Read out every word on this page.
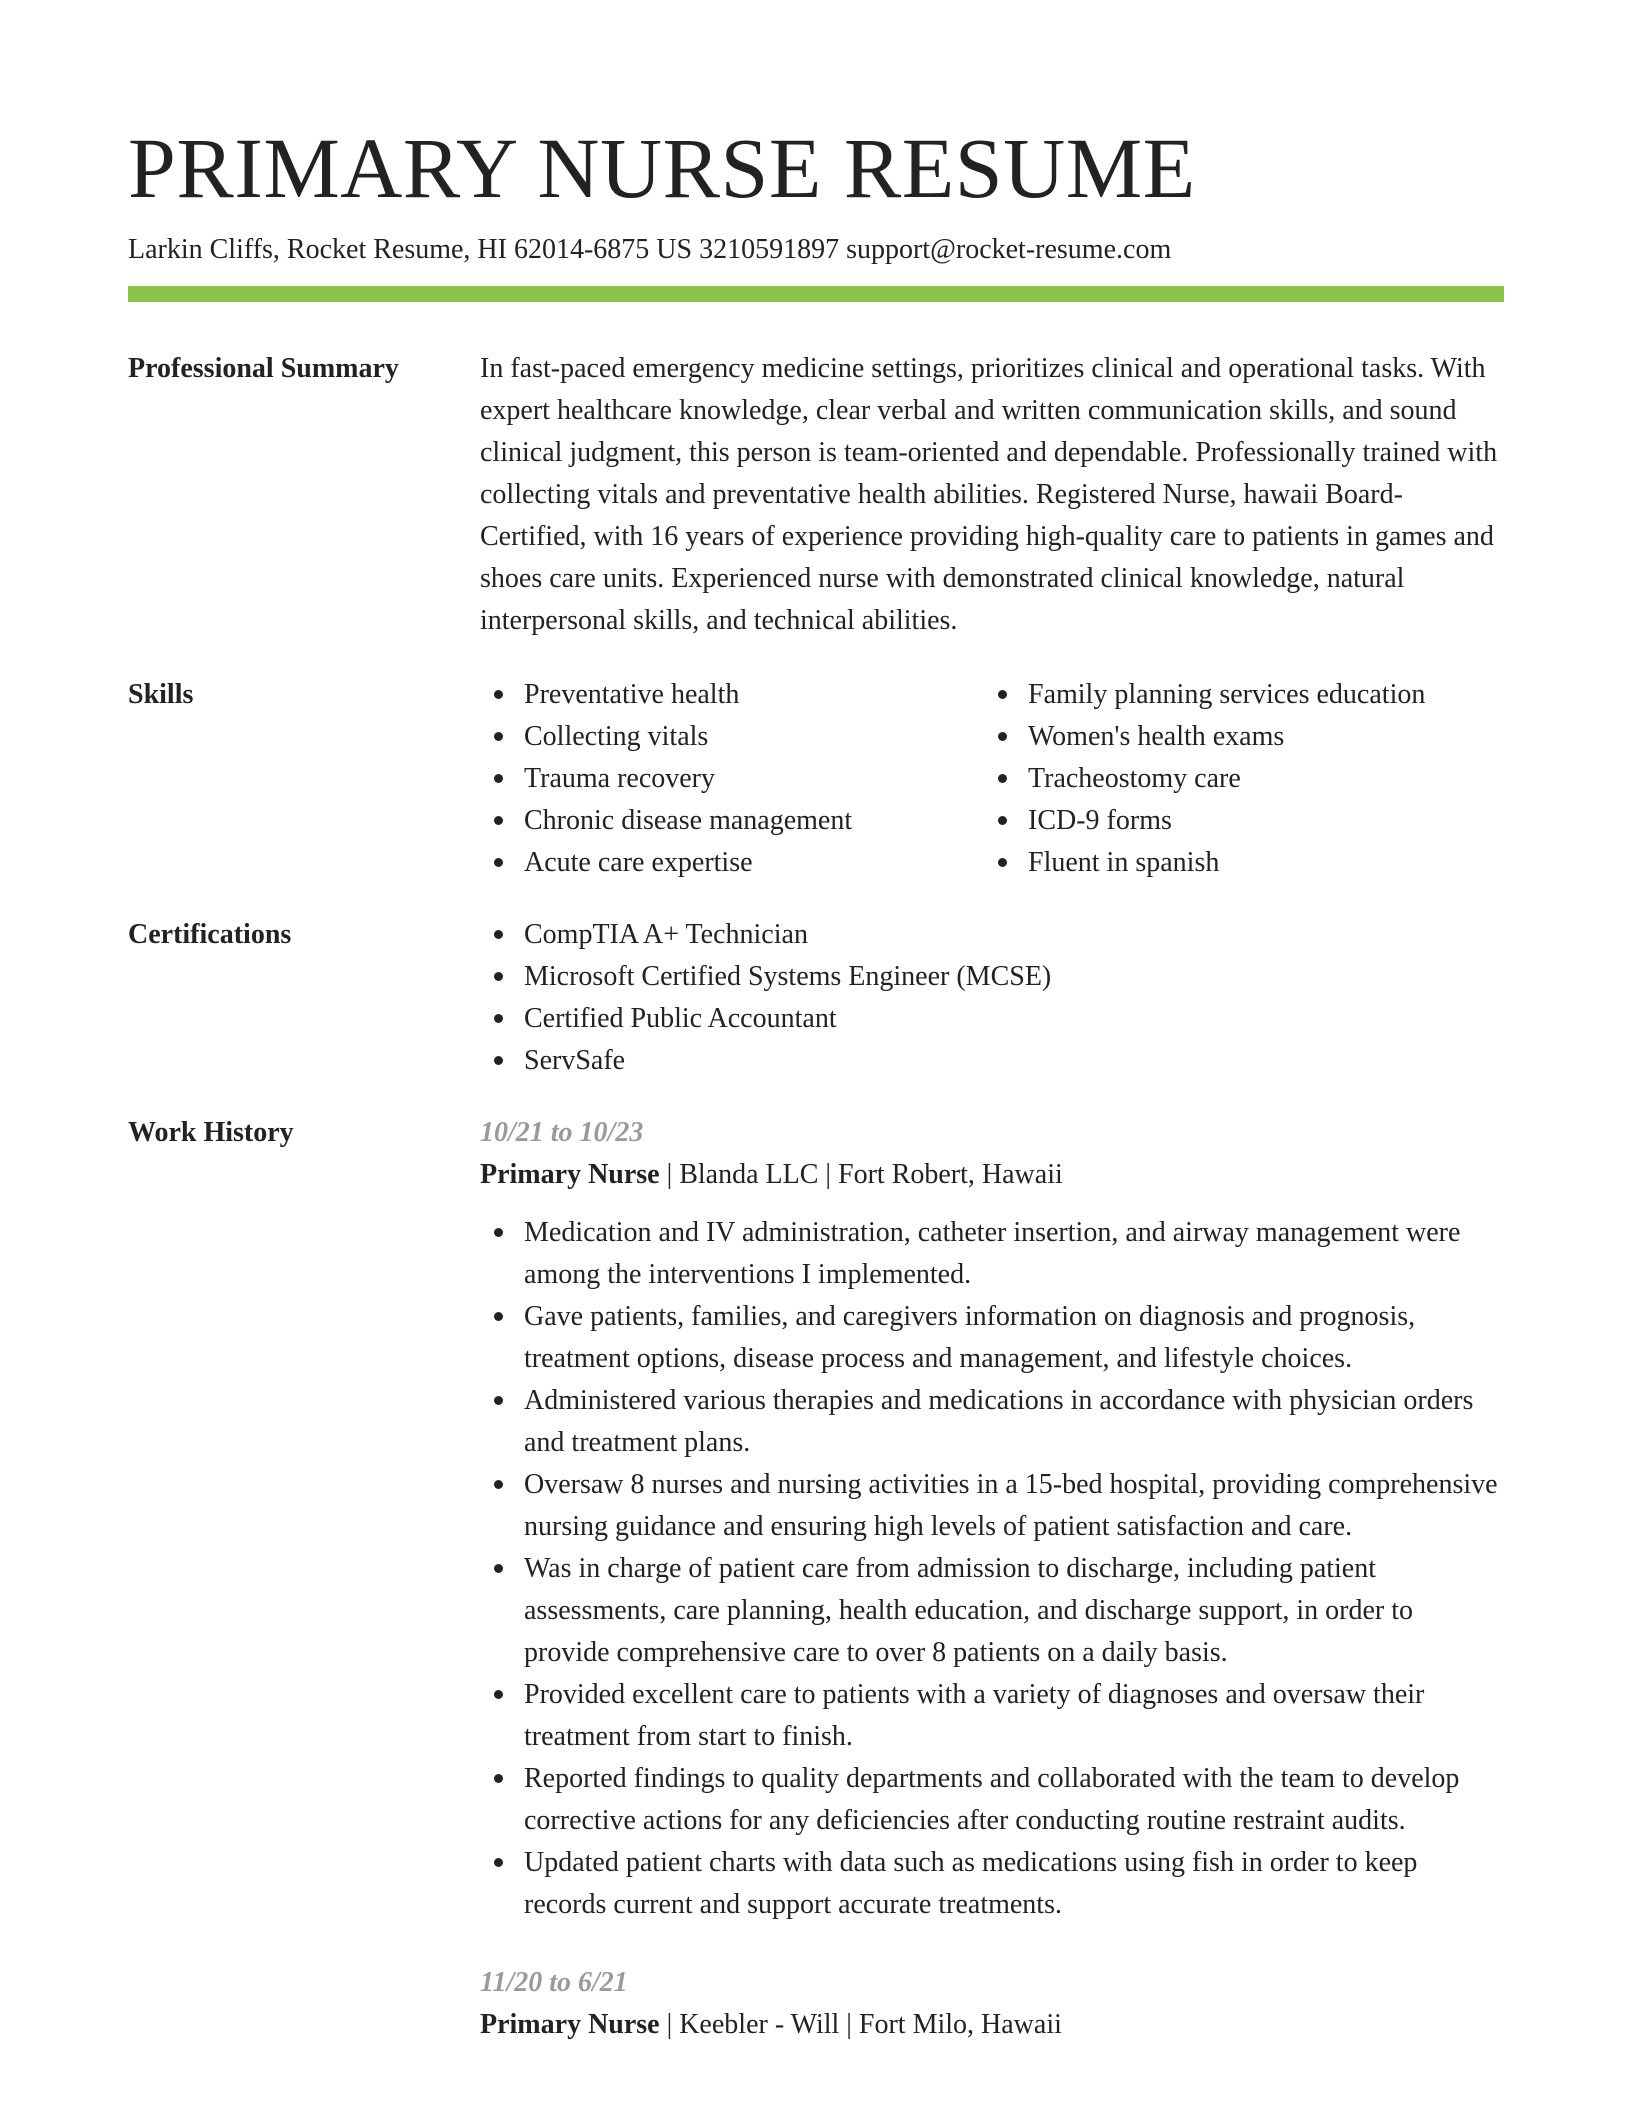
PRIMARY NURSE RESUME
Larkin Cliffs, Rocket Resume, HI 62014-6875 US 3210591897 support@rocket-resume.com
Professional Summary	In fast-paced emergency medicine settings, prioritizes clinical and operational tasks. With expert healthcare knowledge, clear verbal and written communication skills, and sound clinical judgment, this person is team-oriented and dependable. Professionally trained with collecting vitals and preventative health abilities. Registered Nurse, hawaii Board-Certified, with 16 years of experience providing high-quality care to patients in games and shoes care units. Experienced nurse with demonstrated clinical knowledge, natural interpersonal skills, and technical abilities.

Skills	Preventative health
Collecting vitals
Trauma recovery
Chronic disease management
Acute care expertise
Family planning services education
Women's health exams
Tracheostomy care
ICD-9 forms
Fluent in spanish
Certifications	CompTIA A+ Technician
Microsoft Certified Systems Engineer (MCSE)
Certified Public Accountant
ServSafe
Work History	10/21 to 10/23
Primary Nurse | Blanda LLC | Fort Robert, Hawaii
Medication and IV administration, catheter insertion, and airway management were among the interventions I implemented.
Gave patients, families, and caregivers information on diagnosis and prognosis, treatment options, disease process and management, and lifestyle choices.
Administered various therapies and medications in accordance with physician orders and treatment plans.
Oversaw 8 nurses and nursing activities in a 15-bed hospital, providing comprehensive nursing guidance and ensuring high levels of patient satisfaction and care.
Was in charge of patient care from admission to discharge, including patient assessments, care planning, health education, and discharge support, in order to provide comprehensive care to over 8 patients on a daily basis.
Provided excellent care to patients with a variety of diagnoses and oversaw their treatment from start to finish.
Reported findings to quality departments and collaborated with the team to develop corrective actions for any deficiencies after conducting routine restraint audits.
Updated patient charts with data such as medications using fish in order to keep records current and support accurate treatments.
11/20 to 6/21
Primary Nurse | Keebler - Will | Fort Milo, Hawaii
